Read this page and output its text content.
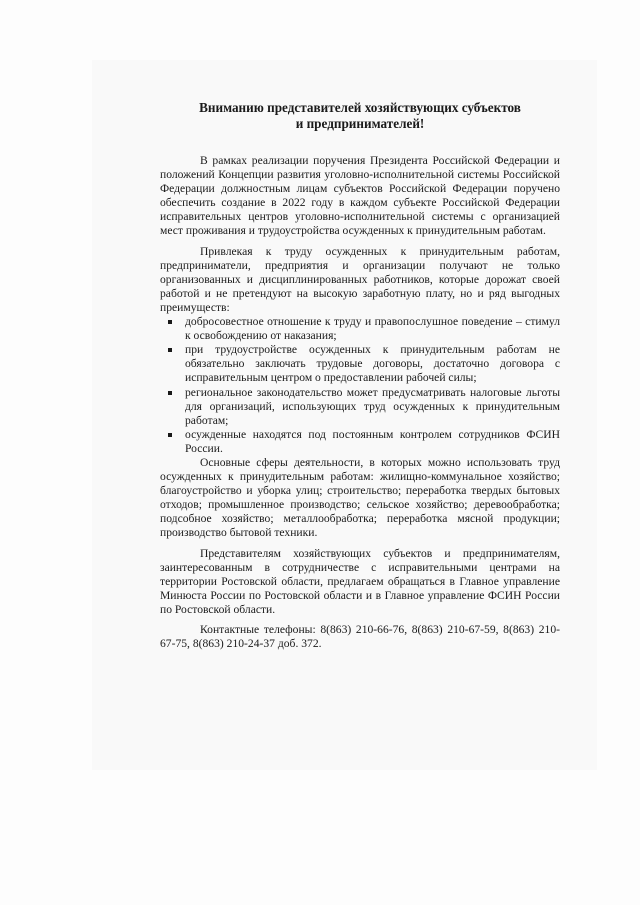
Вниманию представителей хозяйствующих субъектов
и предпринимателей!

В рамках реализации поручения Президента Российской Федерации и положений Концепции развития уголовно-исполнительной системы Российской Федерации должностным лицам субъектов Российской Федерации поручено обеспечить создание в 2022 году в каждом субъекте Российской Федерации исправительных центров уголовно-исполнительной системы с организацией мест проживания и трудоустройства осужденных к принудительным работам.

Привлекая к труду осужденных к принудительным работам, предприниматели, предприятия и организации получают не только организованных и дисциплинированных работников, которые дорожат своей работой и не претендуют на высокую заработную плату, но и ряд выгодных преимуществ:

добросовестное отношение к труду и правопослушное поведение – стимул к освобождению от наказания;
при трудоустройстве осужденных к принудительным работам не обязательно заключать трудовые договоры, достаточно договора с исправительным центром о предоставлении рабочей силы;
региональное законодательство может предусматривать налоговые льготы для организаций, использующих труд осужденных к принудительным работам;
осужденные находятся под постоянным контролем сотрудников ФСИН России.

Основные сферы деятельности, в которых можно использовать труд осужденных к принудительным работам: жилищно-коммунальное хозяйство; благоустройство и уборка улиц; строительство; переработка твердых бытовых отходов; промышленное производство; сельское хозяйство; деревообработка; подсобное хозяйство; металлообработка; переработка мясной продукции; производство бытовой техники.

Представителям хозяйствующих субъектов и предпринимателям, заинтересованным в сотрудничестве с исправительными центрами на территории Ростовской области, предлагаем обращаться в Главное управление Минюста России по Ростовской области и в Главное управление ФСИН России по Ростовской области.

Контактные телефоны: 8(863) 210-66-76, 8(863) 210-67-59, 8(863) 210-67-75, 8(863) 210-24-37 доб. 372.
